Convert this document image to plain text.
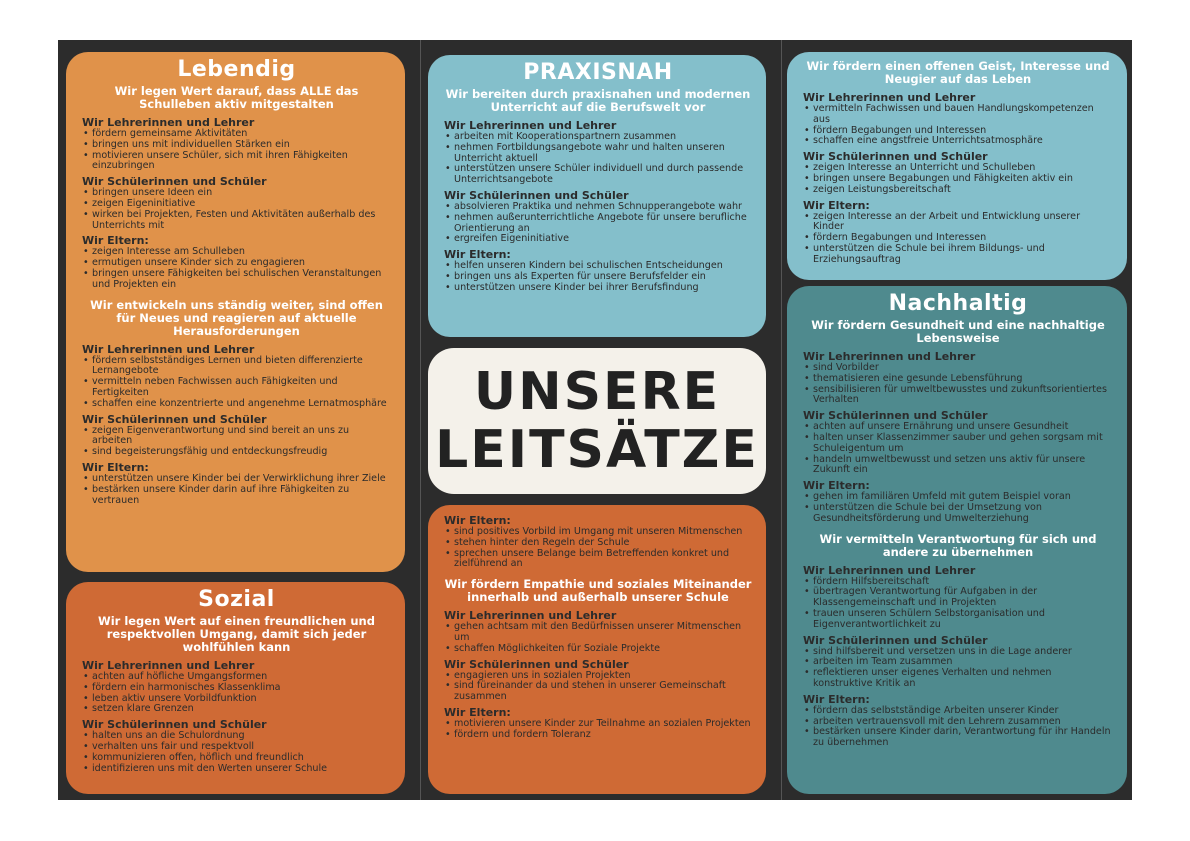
Lebendig

Wir legen Wert darauf, dass ALLE das Schulleben aktiv mitgestalten

Wir Lehrerinnen und Lehrer

• fördern gemeinsame Aktivitäten

• bringen uns mit individuellen Stärken ein

• motivieren unsere Schüler, sich mit ihren Fähigkeiten einzubringen

Wir Schülerinnen und Schüler

• bringen unsere Ideen ein

• zeigen Eigeninitiative

• wirken bei Projekten, Festen und Aktivitäten außerhalb des Unterrichts mit

Wir Eltern:

• zeigen Interesse am Schulleben

• ermutigen unsere Kinder sich zu engagieren

• bringen unsere Fähigkeiten bei schulischen Veranstaltungen und Projekten ein

Wir entwickeln uns ständig weiter, sind offen für Neues und reagieren auf aktuelle Herausforderungen

Wir Lehrerinnen und Lehrer

• fördern selbstständiges Lernen und bieten differenzierte Lernangebote

• vermitteln neben Fachwissen auch Fähigkeiten und Fertigkeiten

• schaffen eine konzentrierte und angenehme Lernatmosphäre

Wir Schülerinnen und Schüler

• zeigen Eigenverantwortung und sind bereit an uns zu arbeiten

• sind begeisterungsfähig und entdeckungsfreudig

Wir Eltern:

• unterstützen unsere Kinder bei der Verwirklichung ihrer Ziele

• bestärken unsere Kinder darin auf ihre Fähigkeiten zu vertrauen

Sozial

Wir legen Wert auf einen freundlichen und respektvollen Umgang, damit sich jeder wohlfühlen kann

Wir Lehrerinnen und Lehrer

• achten auf höfliche Umgangsformen

• fördern ein harmonisches Klassenklima

• leben aktiv unsere Vorbildfunktion

• setzen klare Grenzen

Wir Schülerinnen und Schüler

• halten uns an die Schulordnung

• verhalten uns fair und respektvoll

• kommunizieren offen, höflich und freundlich

• identifizieren uns mit den Werten unserer Schule

PRAXISNAH

Wir bereiten durch praxisnahen und modernen Unterricht auf die Berufswelt vor

Wir Lehrerinnen und Lehrer

• arbeiten mit Kooperationspartnern zusammen

• nehmen Fortbildungsangebote wahr und halten unseren Unterricht aktuell

• unterstützen unsere Schüler individuell und durch passende Unterrichtsangebote

Wir Schülerinnen und Schüler

• absolvieren Praktika und nehmen Schnupperangebote wahr

• nehmen außerunterrichtliche Angebote für unsere berufliche Orientierung an

• ergreifen Eigeninitiative

Wir Eltern:

• helfen unseren Kindern bei schulischen Entscheidungen

• bringen uns als Experten für unsere Berufsfelder ein

• unterstützen unsere Kinder bei ihrer Berufsfindung

UNSERE
LEITSÄTZE

Wir Eltern:

• sind positives Vorbild im Umgang mit unseren Mitmenschen

• stehen hinter den Regeln der Schule

• sprechen unsere Belange beim Betreffenden konkret und zielführend an

Wir fördern Empathie und soziales Miteinander innerhalb und außerhalb unserer Schule

Wir Lehrerinnen und Lehrer

• gehen achtsam mit den Bedürfnissen unserer Mitmenschen um

• schaffen Möglichkeiten für Soziale Projekte

Wir Schülerinnen und Schüler

• engagieren uns in sozialen Projekten

• sind füreinander da und stehen in unserer Gemeinschaft zusammen

Wir Eltern:

• motivieren unsere Kinder zur Teilnahme an sozialen Projekten

• fördern und fordern Toleranz

Wir fördern einen offenen Geist, Interesse und Neugier auf das Leben

Wir Lehrerinnen und Lehrer

• vermitteln Fachwissen und bauen Handlungskompetenzen aus

• fördern Begabungen und Interessen

• schaffen eine angstfreie Unterrichtsatmosphäre

Wir Schülerinnen und Schüler

• zeigen Interesse an Unterricht und Schulleben

• bringen unsere Begabungen und Fähigkeiten aktiv ein

• zeigen Leistungsbereitschaft

Wir Eltern:

• zeigen Interesse an der Arbeit und Entwicklung unserer Kinder

• fördern Begabungen und Interessen

• unterstützen die Schule bei ihrem Bildungs- und Erziehungsauftrag

Nachhaltig

Wir fördern Gesundheit und eine nachhaltige Lebensweise

Wir Lehrerinnen und Lehrer

• sind Vorbilder

• thematisieren eine gesunde Lebensführung

• sensibilisieren für umweltbewusstes und zukunftsorientiertes Verhalten

Wir Schülerinnen und Schüler

• achten auf unsere Ernährung und unsere Gesundheit

• halten unser Klassenzimmer sauber und gehen sorgsam mit Schuleigentum um

• handeln umweltbewusst und setzen uns aktiv für unsere Zukunft ein

Wir Eltern:

• gehen im familiären Umfeld mit gutem Beispiel voran

• unterstützen die Schule bei der Umsetzung von Gesundheitsförderung und Umwelterziehung

Wir vermitteln Verantwortung für sich und andere zu übernehmen

Wir Lehrerinnen und Lehrer

• fördern Hilfsbereitschaft

• übertragen Verantwortung für Aufgaben in der Klassengemeinschaft und in Projekten

• trauen unseren Schülern Selbstorganisation und Eigenverantwortlichkeit zu

Wir Schülerinnen und Schüler

• sind hilfsbereit und versetzen uns in die Lage anderer

• arbeiten im Team zusammen

• reflektieren unser eigenes Verhalten und nehmen konstruktive Kritik an

Wir Eltern:

• fördern das selbstständige Arbeiten unserer Kinder

• arbeiten vertrauensvoll mit den Lehrern zusammen

• bestärken unsere Kinder darin, Verantwortung für ihr Handeln zu übernehmen
